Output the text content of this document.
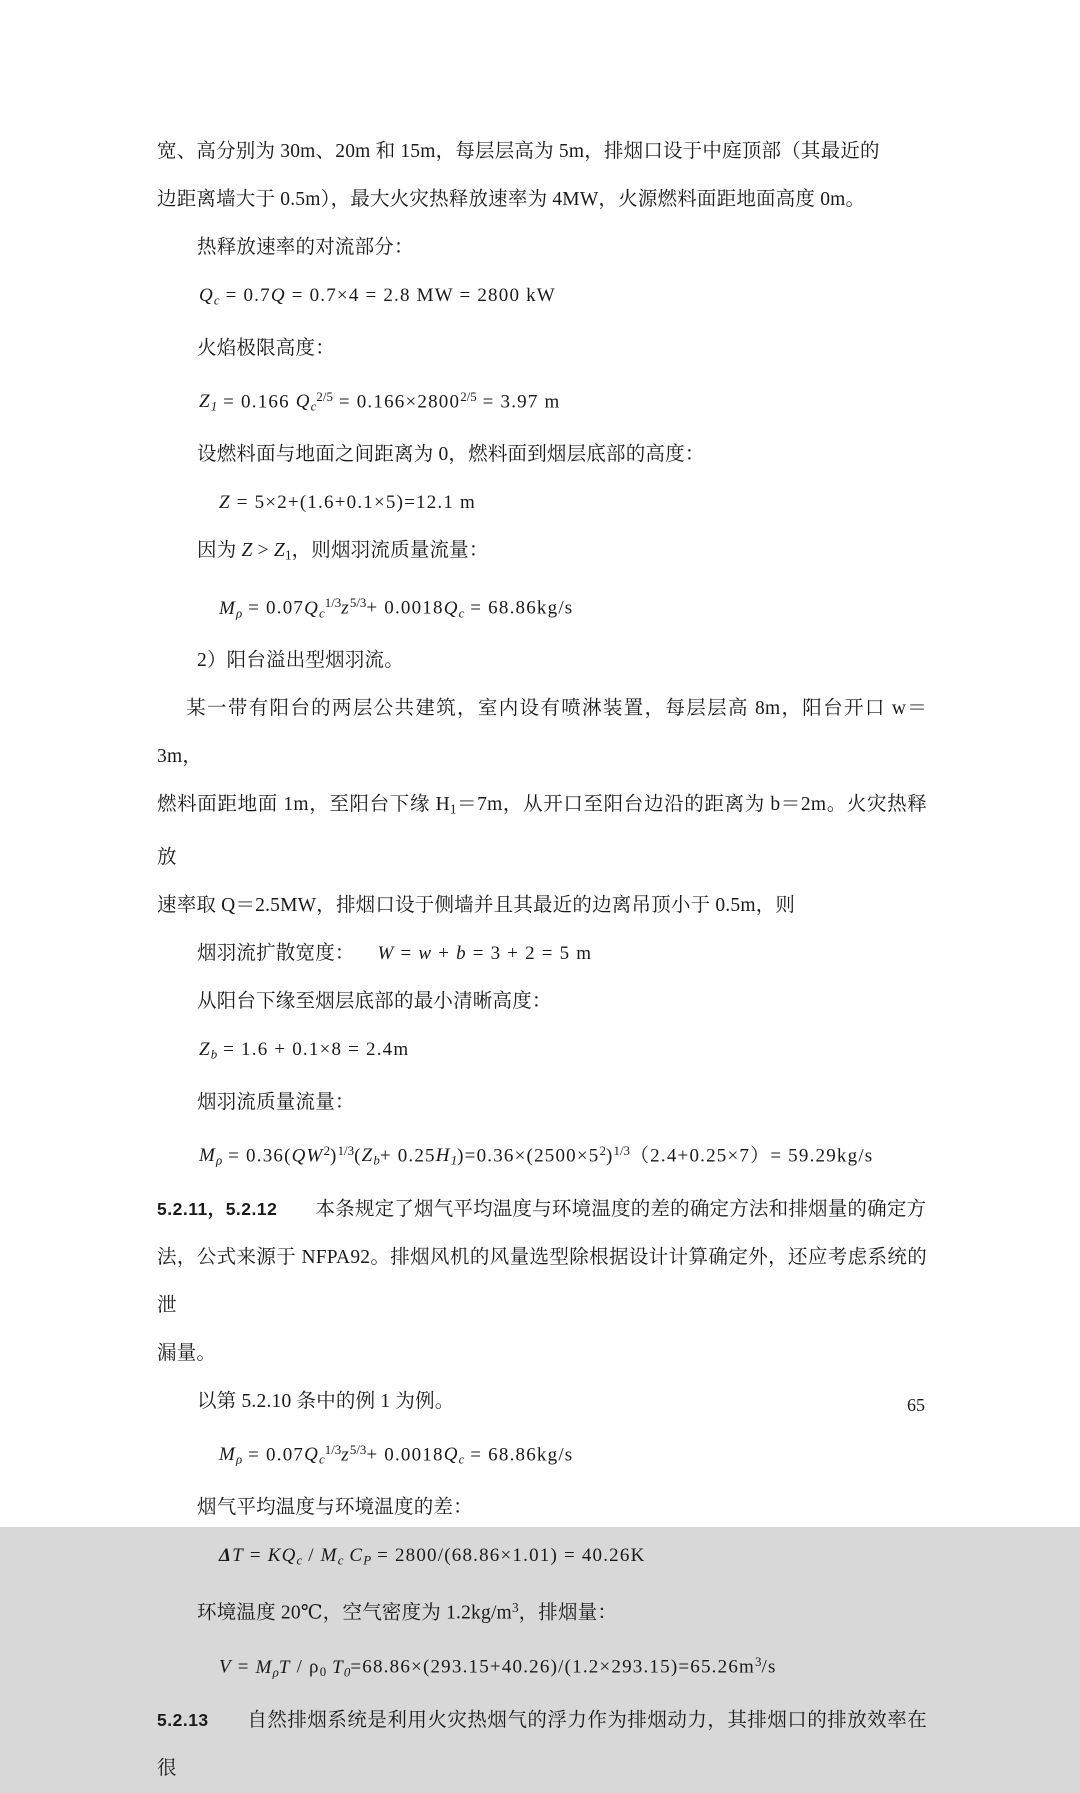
宽、高分别为 30m、20m 和 15m，每层层高为 5m，排烟口设于中庭顶部（其最近的
边距离墙大于 0.5m），最大火灾热释放速率为 4MW，火源燃料面距地面高度 0m。

热释放速率的对流部分：

$Q_c = 0.7Q = 0.7\times 4 = 2.8$ MW = 2800 kW

火焰极限高度：

$Z_1 = 0.166$ $Q_c^{2/5} = 0.166\times 2800^{2/5} = 3.97$ m

设燃料面与地面之间距离为 0，燃料面到烟层底部的高度：

Z = 5×2+(1.6+0.1×5)=12.1 m

因为 $Z > Z_1$，则烟羽流质量流量：

$M_\rho = 0.07Q_c^{1/3}z^{5/3}+ 0.0018Q_c = 68.86kg/s$

2）阳台溢出型烟羽流。

某一带有阳台的两层公共建筑，室内设有喷淋装置，每层层高 8m，阳台开口 w＝3m，
燃料面距地面 1m，至阳台下缘 $H_1=7m$，从开口至阳台边沿的距离为 b＝2m。火灾热释放
速率取 Q＝2.5MW，排烟口设于侧墙并且其最近的边离吊顶小于 0.5m，则

烟羽流扩散宽度： W = w + b = 3 + 2 = 5 m

从阳台下缘至烟层底部的最小清晰高度：

$Z_b = 1.6 + 0.1\times 8 = 2.4m$

烟羽流质量流量：

$M_\rho = 0.36(QW^2)^{1/3}(Z_b+ 0.25H_1)=0.36\times(2500\times 5^2)^{1/3}(2.4+0.25\times 7)= 59.29kg/s$

5.2.11，5.2.12 本条规定了烟气平均温度与环境温度的差的确定方法和排烟量的确定方
法，公式来源于 NFPA92。排烟风机的风量选型除根据设计计算确定外，还应考虑系统的泄
漏量。

以第 5.2.10 条中的例 1 为例。

$M_\rho = 0.07Q_c^{1/3}z^{5/3}+ 0.0018Q_c = 68.86kg/s$

烟气平均温度与环境温度的差：

$\Delta T = KQ_c / M_c$ $C_P = 2800/(68.86\times 1.01) = 40.26K$

环境温度 20℃，空气密度为 $1.2kg/m^3$，排烟量：

$V = M_\rho T / \rho_0$ $T_0=68.86\times(293.15+40.26)/(1.2\times 293.15)=65.26m^3/s$

5.2.13 自然排烟系统是利用火灾热烟气的浮力作为排烟动力，其排烟口的排放效率在很

65
